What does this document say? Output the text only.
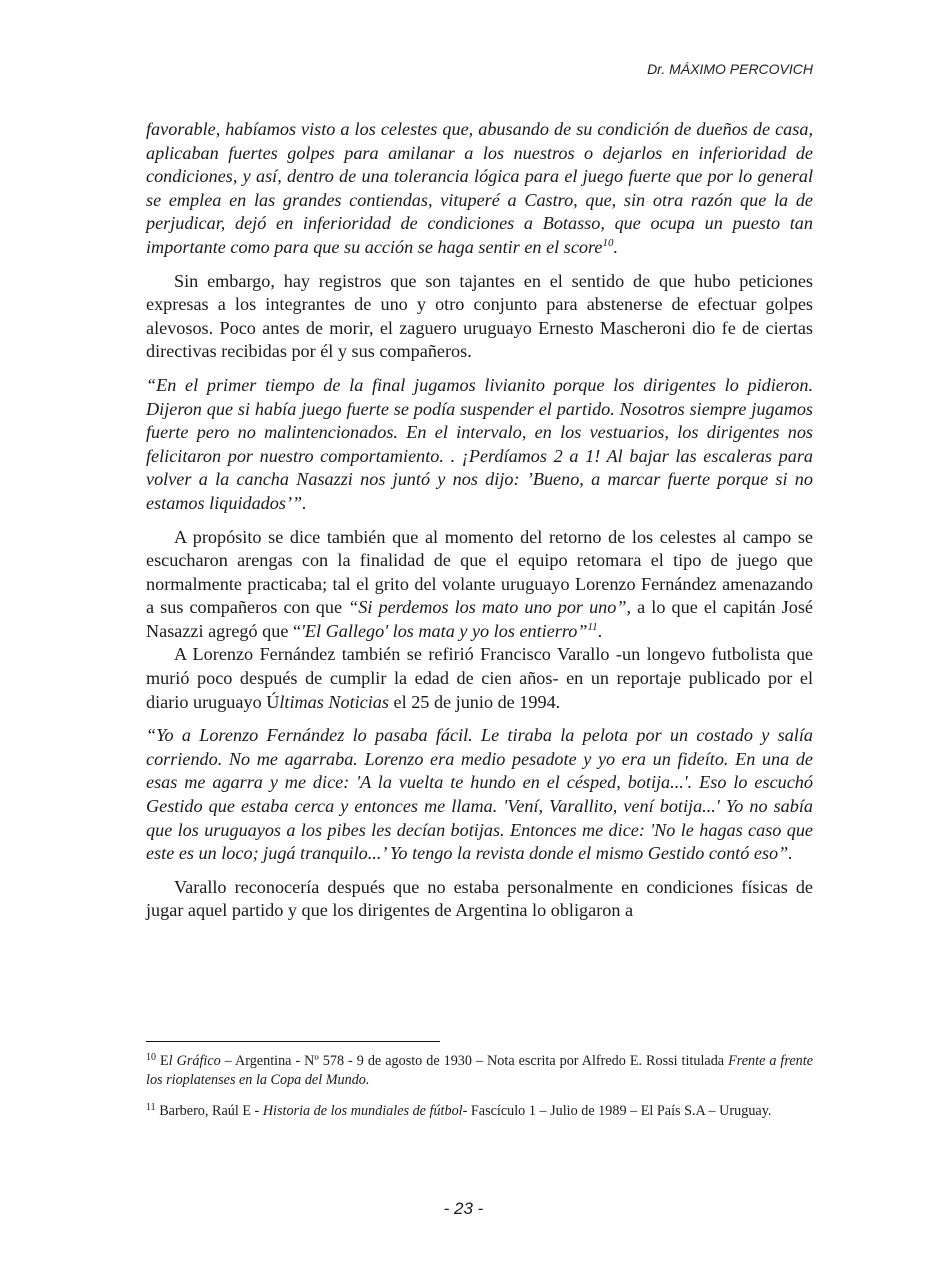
Dr. MÁXIMO PERCOVICH

favorable, habíamos visto a los celestes que, abusando de su condición de dueños de casa, aplicaban fuertes golpes para amilanar a los nuestros o dejarlos en inferioridad de condiciones, y así, dentro de una tolerancia lógica para el juego fuerte que por lo general se emplea en las grandes contiendas, vituperé a Castro, que, sin otra razón que la de perjudicar, dejó en inferioridad de condiciones a Botasso, que ocupa un puesto tan importante como para que su acción se haga sentir en el score$^{10}$.

Sin embargo, hay registros que son tajantes en el sentido de que hubo peticiones expresas a los integrantes de uno y otro conjunto para abstenerse de efectuar golpes alevosos. Poco antes de morir, el zaguero uruguayo Ernesto Mascheroni dio fe de ciertas directivas recibidas por él y sus compañeros.

“En el primer tiempo de la final jugamos livianito porque los dirigentes lo pidieron. Dijeron que si había juego fuerte se podía suspender el partido. Nosotros siempre jugamos fuerte pero no malintencionados. En el intervalo, en los vestuarios, los dirigentes nos felicitaron por nuestro comportamiento. . ¡Perdíamos 2 a 1! Al bajar las escaleras para volver a la cancha Nasazzi nos juntó y nos dijo: ’Bueno, a marcar fuerte porque si no estamos liquidados’”.

A propósito se dice también que al momento del retorno de los celestes al campo se escucharon arengas con la finalidad de que el equipo retomara el tipo de juego que normalmente practicaba; tal el grito del volante uruguayo Lorenzo Fernández amenazando a sus compañeros con que “Si perdemos los mato uno por uno”, a lo que el capitán José Nasazzi agregó que “'El Gallego' los mata y yo los entierro”$^{11}$.

A Lorenzo Fernández también se refirió Francisco Varallo -un longevo futbolista que murió poco después de cumplir la edad de cien años- en un reportaje publicado por el diario uruguayo Últimas Noticias el 25 de junio de 1994.

“Yo a Lorenzo Fernández lo pasaba fácil. Le tiraba la pelota por un costado y salía corriendo. No me agarraba. Lorenzo era medio pesadote y yo era un fideíto. En una de esas me agarra y me dice: 'A la vuelta te hundo en el césped, botija...'. Eso lo escuchó Gestido que estaba cerca y entonces me llama. 'Vení, Varallito, vení botija...' Yo no sabía que los uruguayos a los pibes les decían botijas. Entonces me dice: 'No le hagas caso que este es un loco; jugá tranquilo...’ Yo tengo la revista donde el mismo Gestido contó eso”.

Varallo reconocería después que no estaba personalmente en condiciones físicas de jugar aquel partido y que los dirigentes de Argentina lo obligaron a

$^{10}$ El Gráfico – Argentina - Nº 578 - 9 de agosto de 1930 – Nota escrita por Alfredo E. Rossi titulada Frente a frente los rioplatenses en la Copa del Mundo.

$^{11}$ Barbero, Raúl E - Historia de los mundiales de fútbol- Fascículo 1 – Julio de 1989 – El País S.A – Uruguay.

- 23 -
